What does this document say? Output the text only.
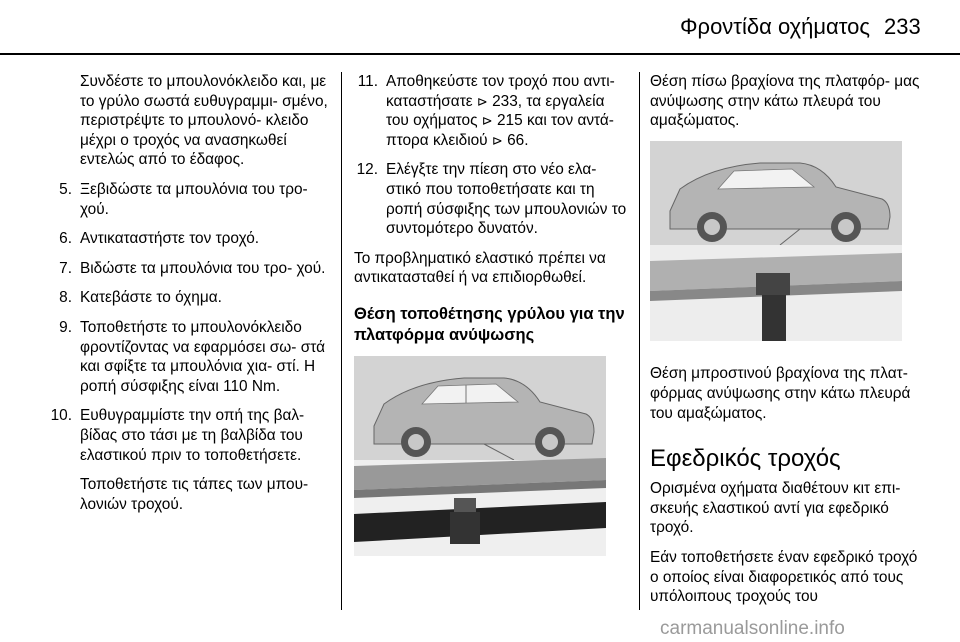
Φροντίδα οχήματος 233

Συνδέστε το μπουλονόκλειδο και, με το γρύλο σωστά ευθυγραμμι- σμένο, περιστρέψτε το μπουλονό- κλειδο μέχρι ο τροχός να ανασηκωθεί εντελώς από το έδαφος.

5. Ξεβιδώστε τα μπουλόνια του τρο- χού.
6. Αντικαταστήστε τον τροχό.
7. Βιδώστε τα μπουλόνια του τρο- χού.
8. Κατεβάστε το όχημα.
9. Τοποθετήστε το μπουλονόκλειδο φροντίζοντας να εφαρμόσει σω- στά και σφίξτε τα μπουλόνια χια- στί. Η ροπή σύσφιξης είναι 110 Nm.
10. Ευθυγραμμίστε την οπή της βαλ- βίδας στο τάσι με τη βαλβίδα του ελαστικού πριν το τοποθετήσετε.

Τοποθετήστε τις τάπες των μπου- λονιών τροχού.

11. Αποθηκεύστε τον τροχό που αντι- καταστήσατε ⊳ 233, τα εργαλεία του οχήματος ⊳ 215 και τον αντά- πτορα κλειδιού ⊳ 66.
12. Ελέγξτε την πίεση στο νέο ελα- στικό που τοποθετήσατε και τη ροπή σύσφιξης των μπουλονιών το συντομότερο δυνατόν.

Το προβληματικό ελαστικό πρέπει να αντικατασταθεί ή να επιδιορθωθεί.

Θέση τοποθέτησης γρύλου για την πλατφόρμα ανύψωσης

Θέση πίσω βραχίονα της πλατφόρ- μας ανύψωσης στην κάτω πλευρά του αμαξώματος.

Θέση μπροστινού βραχίονα της πλατ- φόρμας ανύψωσης στην κάτω πλευρά του αμαξώματος.

Εφεδρικός τροχός

Ορισμένα οχήματα διαθέτουν κιτ επι- σκευής ελαστικού αντί για εφεδρικό τροχό.

Εάν τοποθετήσετε έναν εφεδρικό τροχό ο οποίος είναι διαφορετικός από τους υπόλοιπους τροχούς του

carmanualsonline.info
